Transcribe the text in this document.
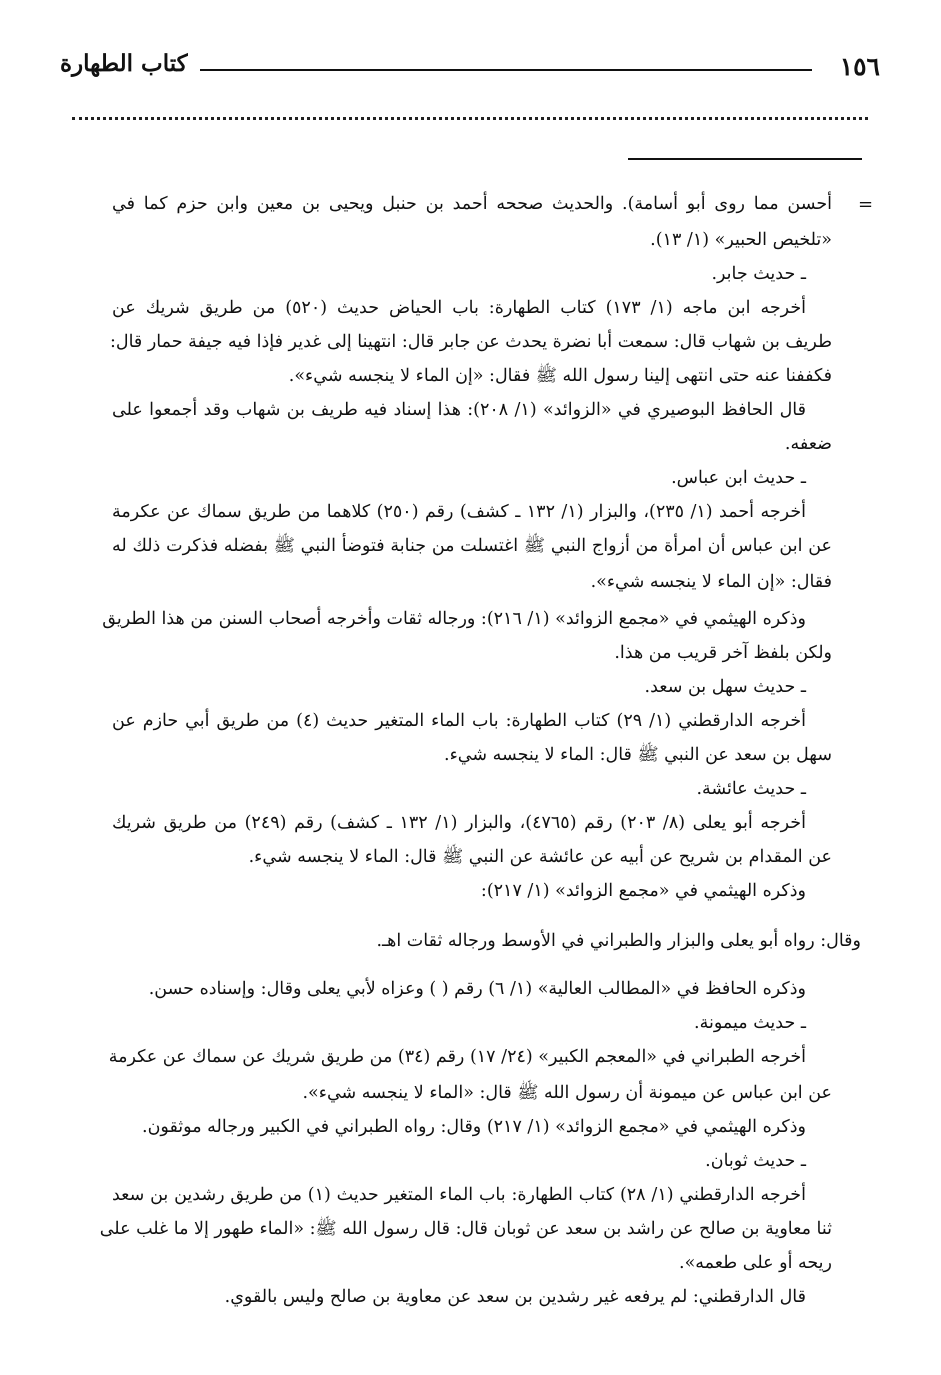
١٥٦
كتاب الطهارة
=
أحسن مما روى أبو أسامة). والحديث صححه أحمد بن حنبل ويحيى بن معين وابن حزم كما في
«تلخيص الحبير» (١/ ١٣).
ـ حديث جابر.
أخرجه ابن ماجه (١/ ١٧٣) كتاب الطهارة: باب الحياض حديث (٥٢٠) من طريق شريك عن
طريف بن شهاب قال: سمعت أبا نضرة يحدث عن جابر قال: انتهينا إلى غدير فإذا فيه جيفة حمار قال:
فكففنا عنه حتى انتهى إلينا رسول الله ﷺ فقال: «إن الماء لا ينجسه شيء».
قال الحافظ البوصيري في «الزوائد» (١/ ٢٠٨): هذا إسناد فيه طريف بن شهاب وقد أجمعوا على
ضعفه.
ـ حديث ابن عباس.
أخرجه أحمد (١/ ٢٣٥)، والبزار (١/ ١٣٢ ـ كشف) رقم (٢٥٠) كلاهما من طريق سماك عن عكرمة
عن ابن عباس أن امرأة من أزواج النبي ﷺ اغتسلت من جنابة فتوضأ النبي ﷺ بفضله فذكرت ذلك له
فقال: «إن الماء لا ينجسه شيء».
وذكره الهيثمي في «مجمع الزوائد» (١/ ٢١٦): ورجاله ثقات وأخرجه أصحاب السنن من هذا الطريق
ولكن بلفظ آخر قريب من هذا.
ـ حديث سهل بن سعد.
أخرجه الدارقطني (١/ ٢٩) كتاب الطهارة: باب الماء المتغير حديث (٤) من طريق أبي حازم عن
سهل بن سعد عن النبي ﷺ قال: الماء لا ينجسه شيء.
ـ حديث عائشة.
أخرجه أبو يعلى (٨/ ٢٠٣) رقم (٤٧٦٥)، والبزار (١/ ١٣٢ ـ كشف) رقم (٢٤٩) من طريق شريك
عن المقدام بن شريح عن أبيه عن عائشة عن النبي ﷺ قال: الماء لا ينجسه شيء.
وذكره الهيثمي في «مجمع الزوائد» (١/ ٢١٧):
وقال: رواه أبو يعلى والبزار والطبراني في الأوسط ورجاله ثقات اهـ.
وذكره الحافظ في «المطالب العالية» (١/ ٦) رقم ( ) وعزاه لأبي يعلى وقال: وإسناده حسن.
ـ حديث ميمونة.
أخرجه الطبراني في «المعجم الكبير» (٢٤/ ١٧) رقم (٣٤) من طريق شريك عن سماك عن عكرمة
عن ابن عباس عن ميمونة أن رسول الله ﷺ قال: «الماء لا ينجسه شيء».
وذكره الهيثمي في «مجمع الزوائد» (١/ ٢١٧) وقال: رواه الطبراني في الكبير ورجاله موثقون.
ـ حديث ثوبان.
أخرجه الدارقطني (١/ ٢٨) كتاب الطهارة: باب الماء المتغير حديث (١) من طريق رشدين بن سعد
ثنا معاوية بن صالح عن راشد بن سعد عن ثوبان قال: قال رسول الله ﷺ: «الماء طهور إلا ما غلب على
ريحه أو على طعمه».
قال الدارقطني: لم يرفعه غير رشدين بن سعد عن معاوية بن صالح وليس بالقوي.
